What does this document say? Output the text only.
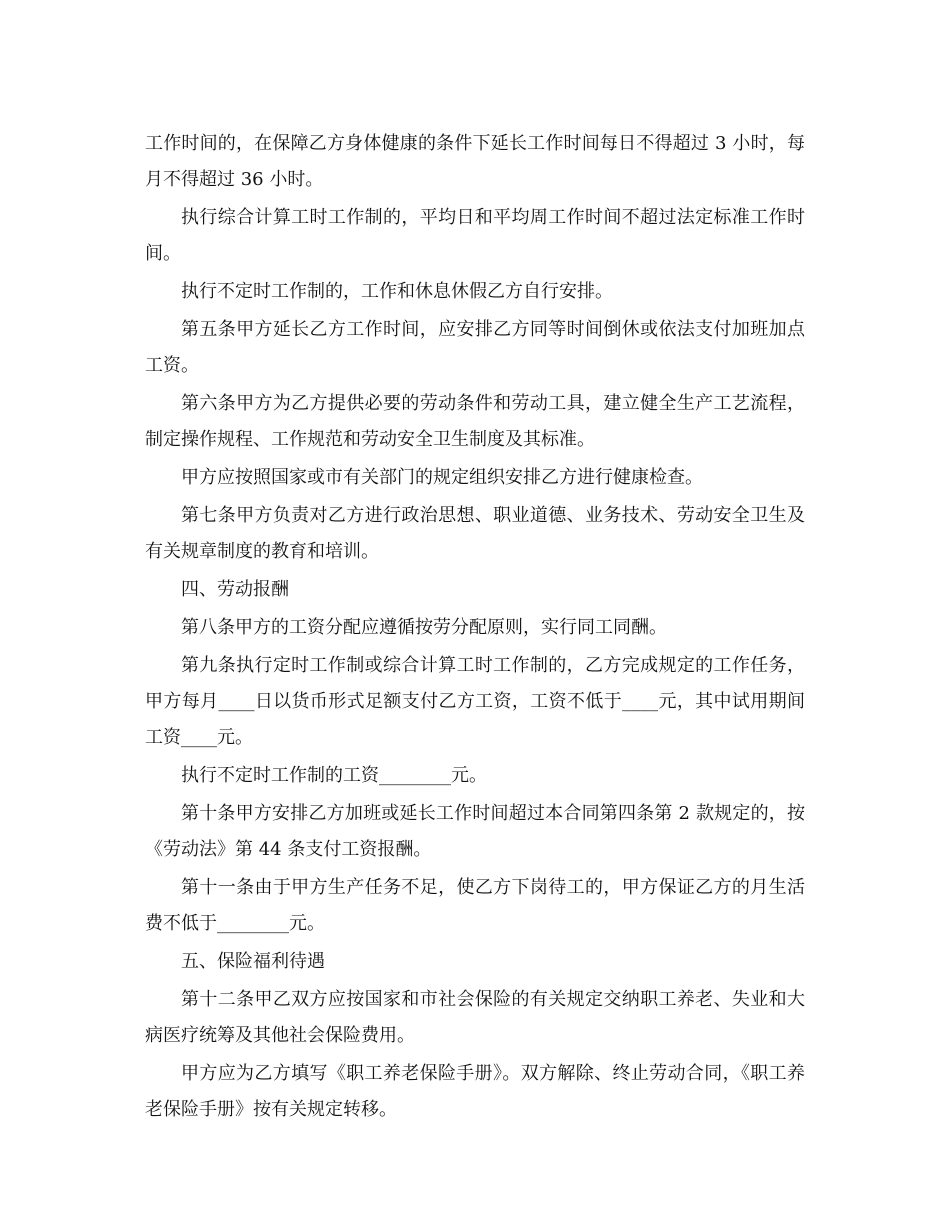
工作时间的，在保障乙方身体健康的条件下延长工作时间每日不得超过 3 小时，每月不得超过 36 小时。

执行综合计算工时工作制的，平均日和平均周工作时间不超过法定标准工作时间。

执行不定时工作制的，工作和休息休假乙方自行安排。

第五条甲方延长乙方工作时间，应安排乙方同等时间倒休或依法支付加班加点工资。

第六条甲方为乙方提供必要的劳动条件和劳动工具，建立健全生产工艺流程，制定操作规程、工作规范和劳动安全卫生制度及其标准。

甲方应按照国家或市有关部门的规定组织安排乙方进行健康检查。

第七条甲方负责对乙方进行政治思想、职业道德、业务技术、劳动安全卫生及有关规章制度的教育和培训。

四、劳动报酬

第八条甲方的工资分配应遵循按劳分配原则，实行同工同酬。

第九条执行定时工作制或综合计算工时工作制的，乙方完成规定的工作任务，甲方每月____日以货币形式足额支付乙方工资，工资不低于____元，其中试用期间工资____元。

执行不定时工作制的工资________元。

第十条甲方安排乙方加班或延长工作时间超过本合同第四条第 2 款规定的，按《劳动法》第 44 条支付工资报酬。

第十一条由于甲方生产任务不足，使乙方下岗待工的，甲方保证乙方的月生活费不低于________元。

五、保险福利待遇

第十二条甲乙双方应按国家和市社会保险的有关规定交纳职工养老、失业和大病医疗统筹及其他社会保险费用。

甲方应为乙方填写《职工养老保险手册》。双方解除、终止劳动合同，《职工养老保险手册》按有关规定转移。
